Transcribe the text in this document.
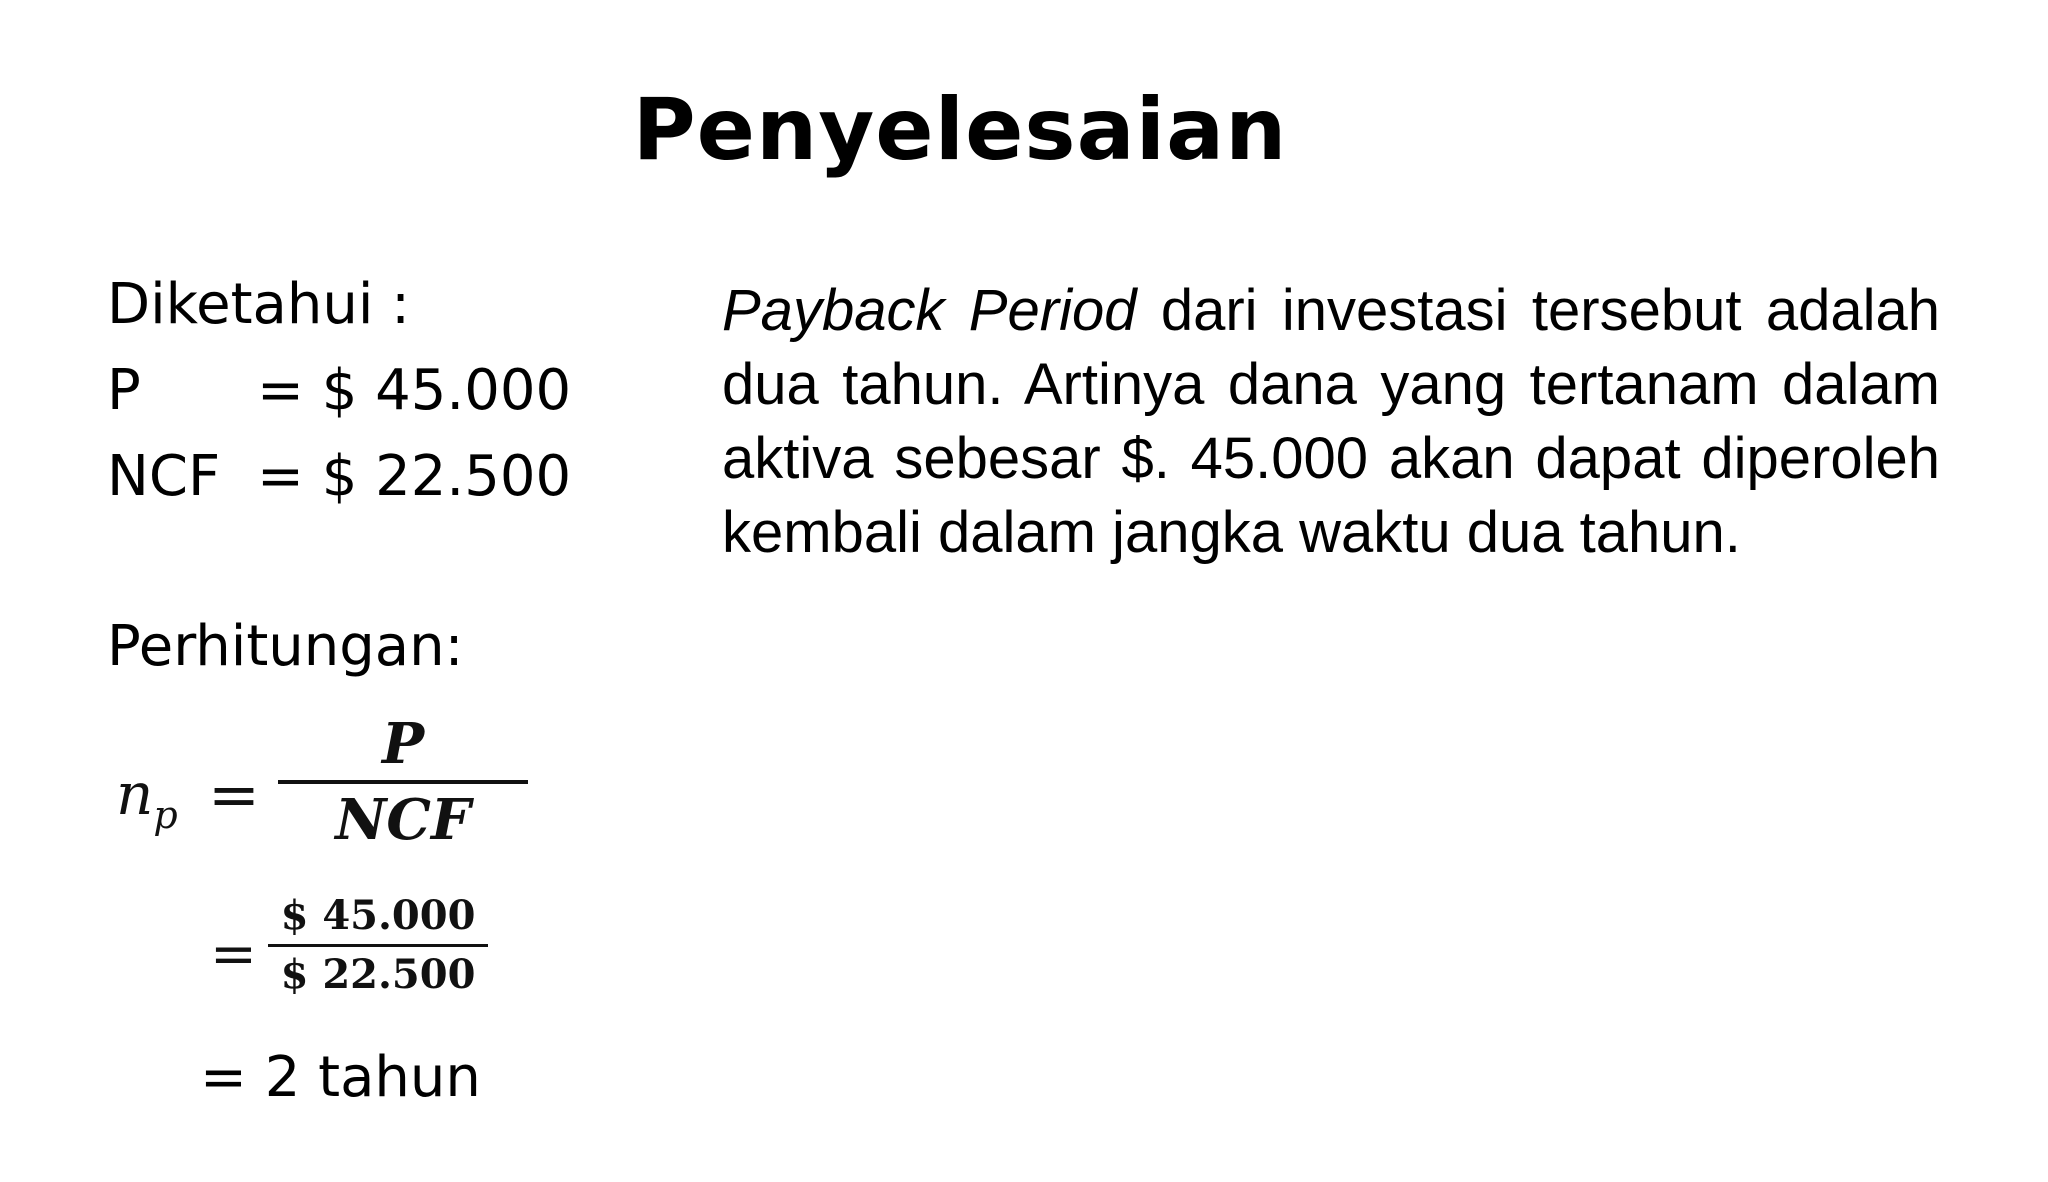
Penyelesaian
Diketahui :
P	= $ 45.000
NCF = $ 22.500
Perhitungan:
$n_p$ =
P
NCF
=
$ 45.000
$ 22.500
= 2 tahun
Payback Period dari investasi tersebut adalah dua tahun. Artinya dana yang tertanam dalam aktiva sebesar $. 45.000 akan dapat diperoleh kembali dalam jangka waktu dua tahun.
